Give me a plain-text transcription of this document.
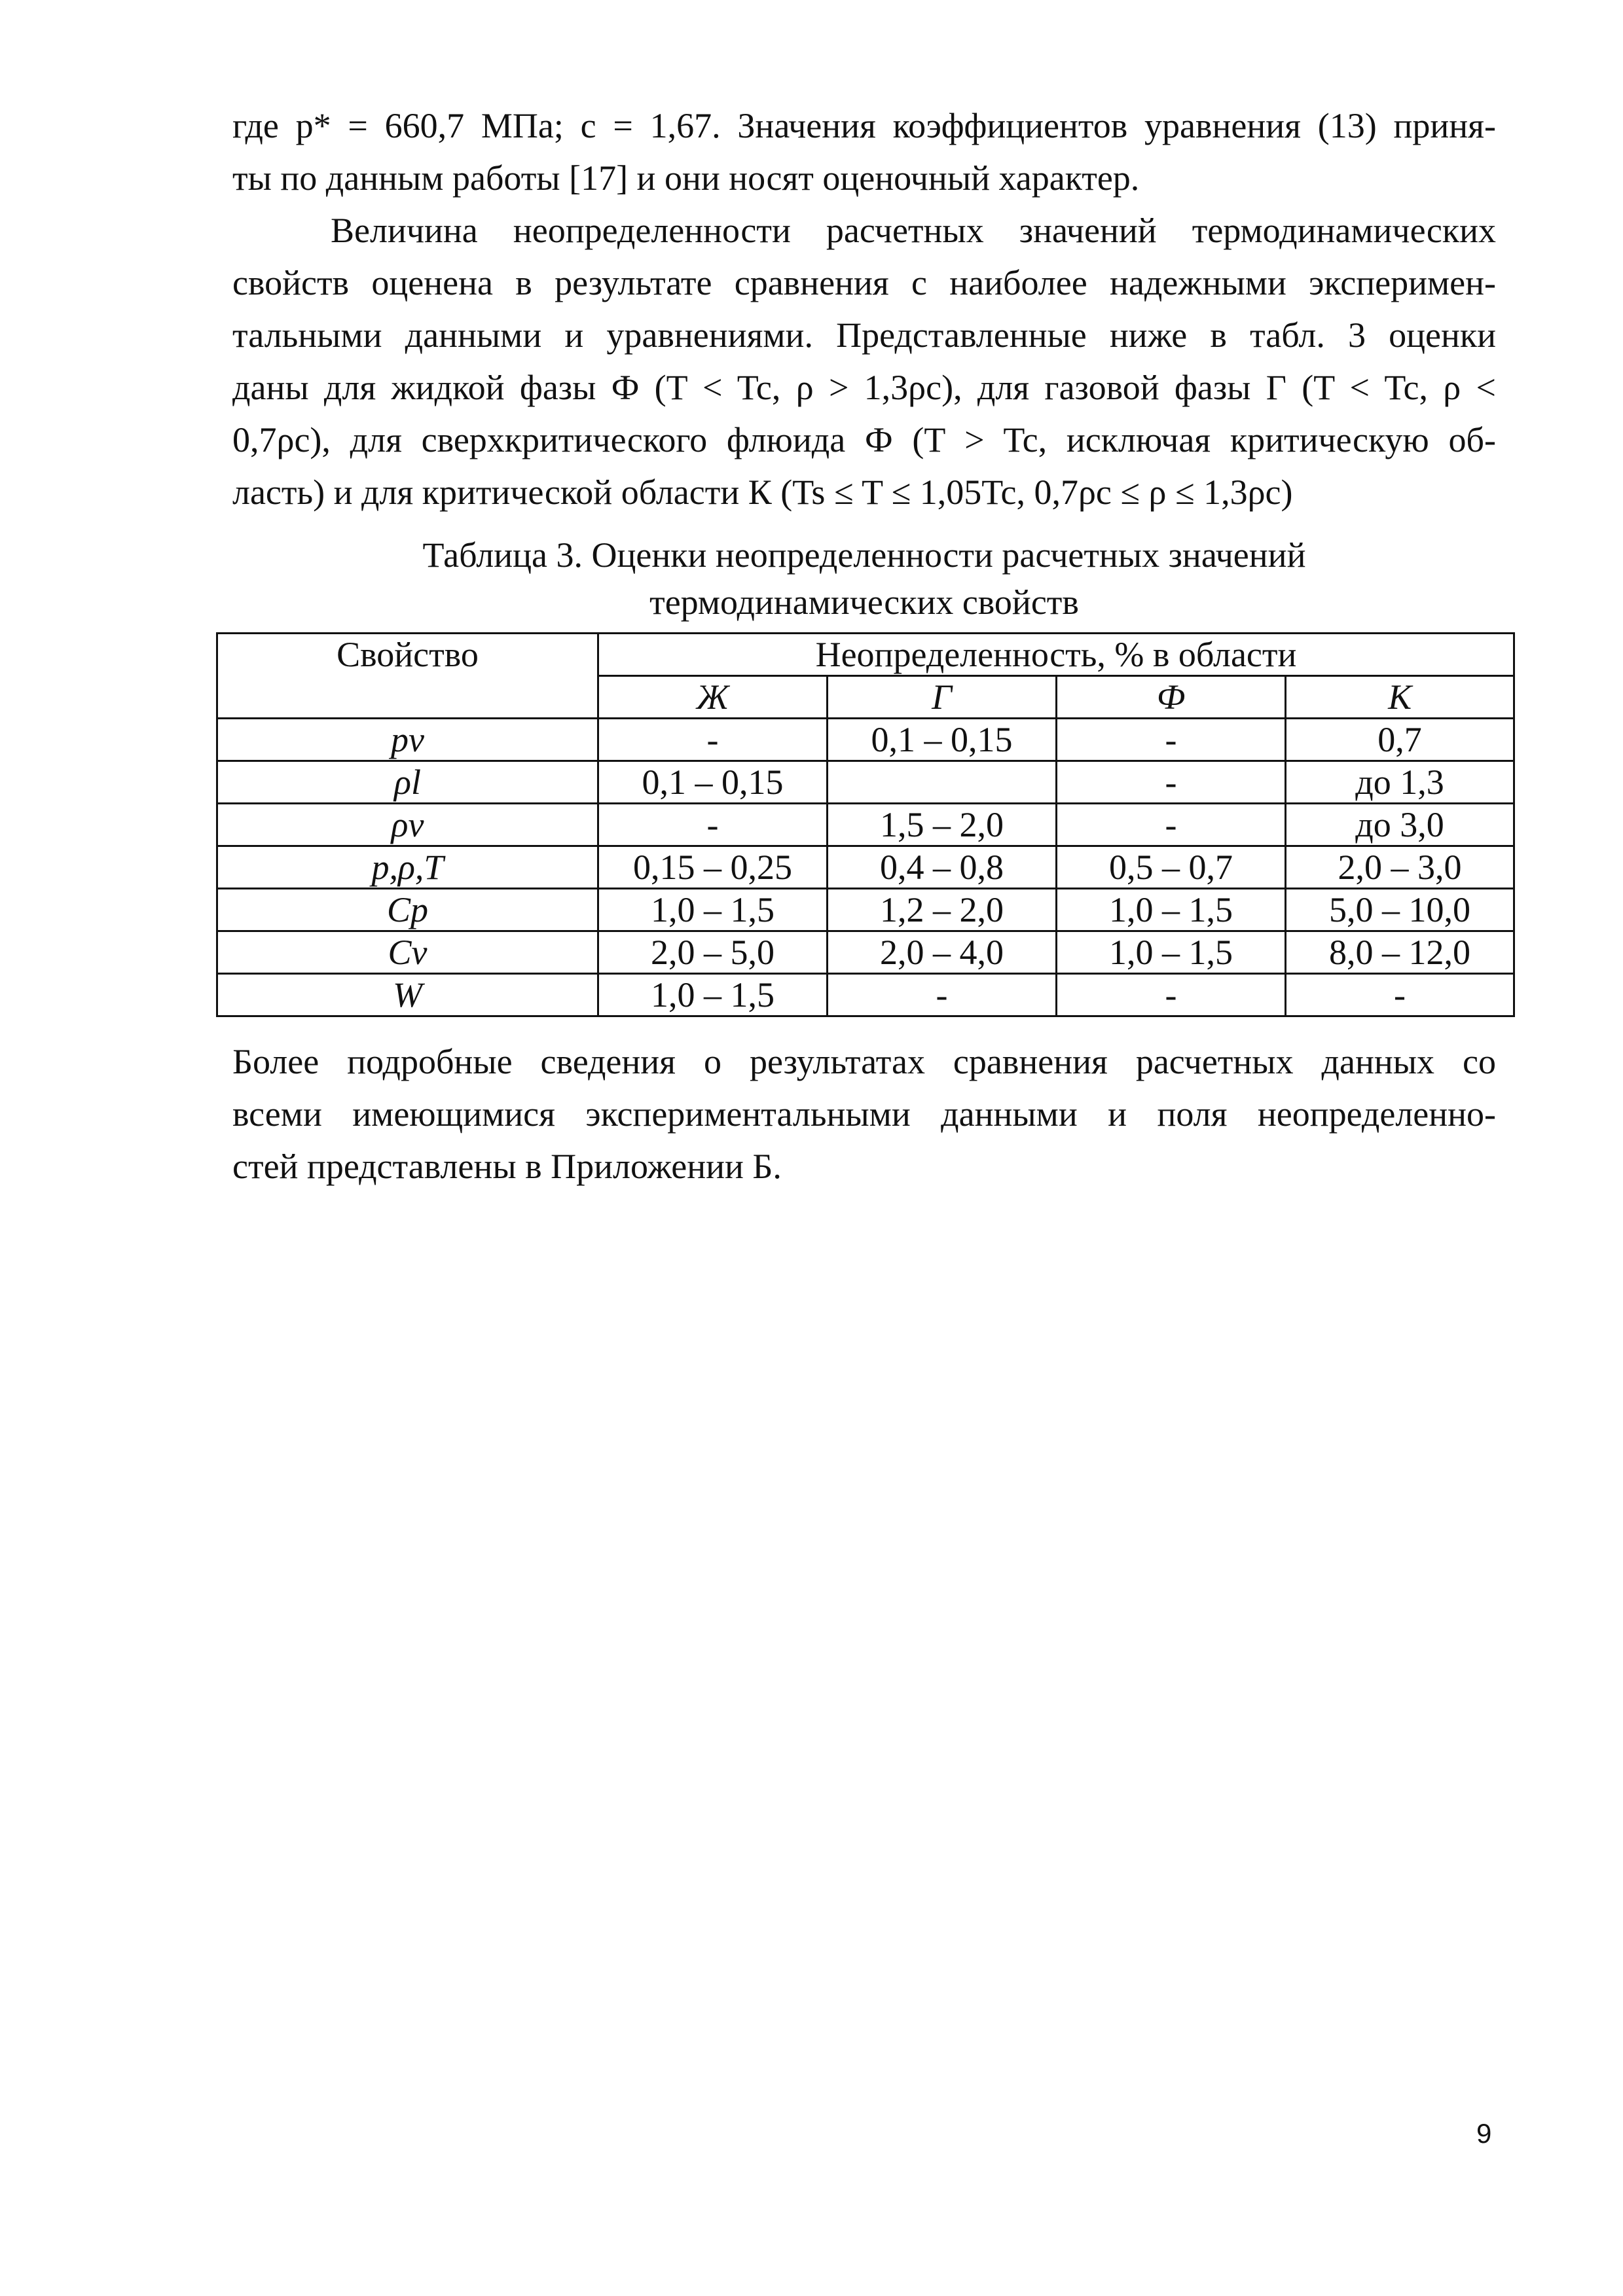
где p* = 660,7 МПа; c = 1,67. Значения коэффициентов уравнения (13) приня-
ты по данным работы [17] и они носят оценочный характер.

Величина неопределенности расчетных значений термодинамических
свойств оценена в результате сравнения с наиболее надежными эксперимен-
тальными данными и уравнениями. Представленные ниже в табл. 3 оценки
даны для жидкой фазы Ф (T < Tc, ρ > 1,3ρc), для газовой фазы Г (T < Tc, ρ <
0,7ρc), для сверхкритического флюида Ф (T > Tc, исключая критическую об-
ласть) и для критической области К (Ts ≤ T ≤ 1,05Tc, 0,7ρc ≤ ρ ≤ 1,3ρc)

Таблица 3. Оценки неопределенности расчетных значений
термодинамических свойств
Свойство	Неопределенность, % в области			
	Ж	Г	Ф	К
pv	-	0,1 – 0,15	-	0,7
ρl	0,1 – 0,15		-	до 1,3
ρv	-	1,5 – 2,0	-	до 3,0
p,ρ,T	0,15 – 0,25	0,4 – 0,8	0,5 – 0,7	2,0 – 3,0
Cp	1,0 – 1,5	1,2 – 2,0	1,0 – 1,5	5,0 – 10,0
Cv	2,0 – 5,0	2,0 – 4,0	1,0 – 1,5	8,0 – 12,0
W	1,0 – 1,5	-	-	-

Более подробные сведения о результатах сравнения расчетных данных со
всеми имеющимися экспериментальными данными и поля неопределенно-
стей представлены в Приложении Б.

9
